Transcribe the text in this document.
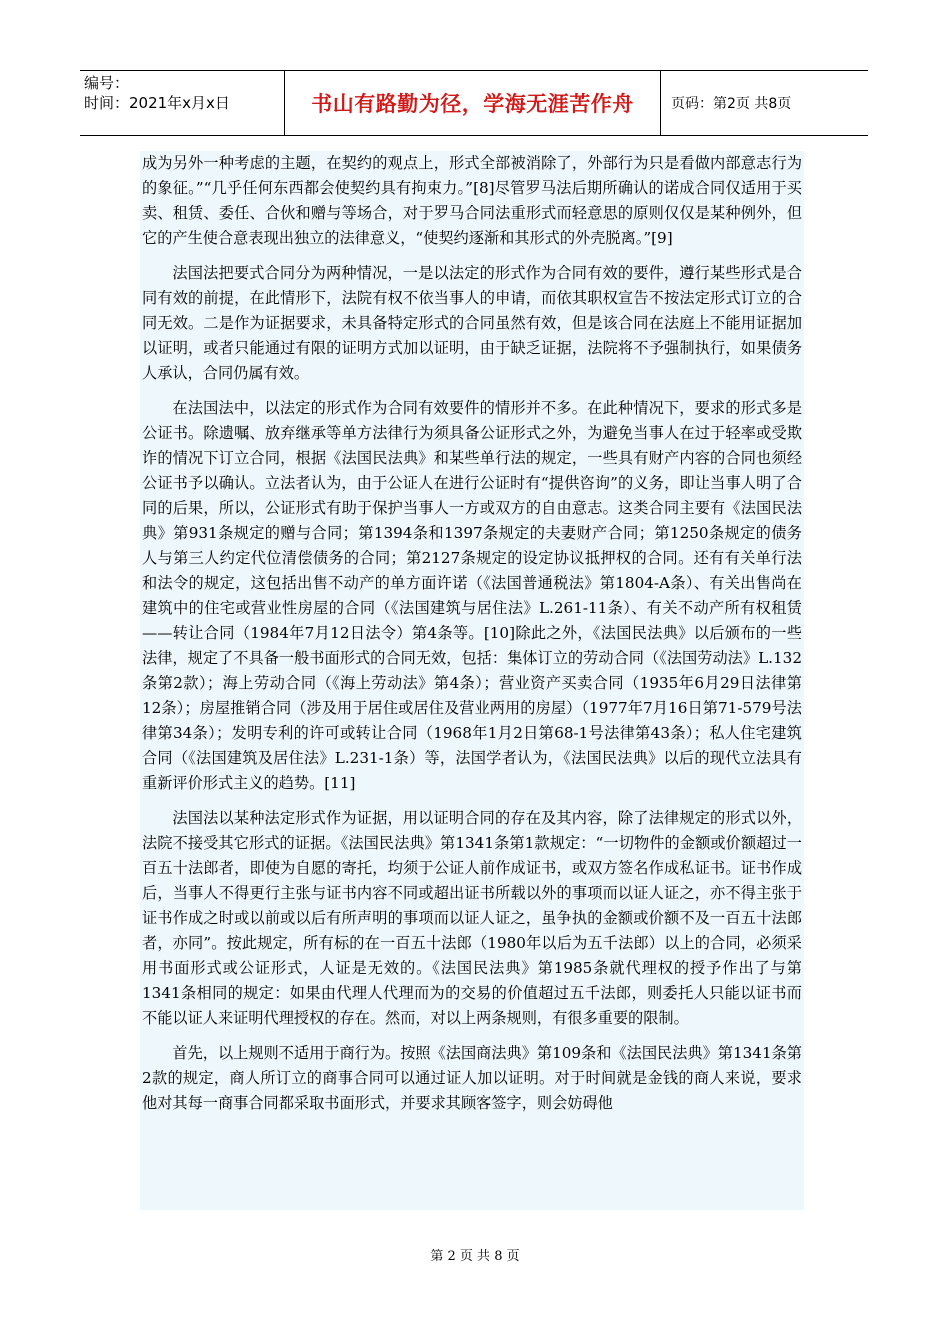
编号：
时间：2021年x月x日	书山有路勤为径，学海无涯苦作舟	页码：第2页 共8页

成为另外一种考虑的主题，在契约的观点上，形式全部被消除了，外部行为只是看做内部意志行为的象征。”“几乎任何东西都会使契约具有拘束力。”[8]尽管罗马法后期所确认的诺成合同仅适用于买卖、租赁、委任、合伙和赠与等场合，对于罗马合同法重形式而轻意思的原则仅仅是某种例外，但它的产生使合意表现出独立的法律意义，“使契约逐渐和其形式的外壳脱离。”[9]

法国法把要式合同分为两种情况，一是以法定的形式作为合同有效的要件，遵行某些形式是合同有效的前提，在此情形下，法院有权不依当事人的申请，而依其职权宣告不按法定形式订立的合同无效。二是作为证据要求，未具备特定形式的合同虽然有效，但是该合同在法庭上不能用证据加以证明，或者只能通过有限的证明方式加以证明，由于缺乏证据，法院将不予强制执行，如果债务人承认，合同仍属有效。

在法国法中，以法定的形式作为合同有效要件的情形并不多。在此种情况下，要求的形式多是公证书。除遗嘱、放弃继承等单方法律行为须具备公证形式之外，为避免当事人在过于轻率或受欺诈的情况下订立合同，根据《法国民法典》和某些单行法的规定，一些具有财产内容的合同也须经公证书予以确认。立法者认为，由于公证人在进行公证时有“提供咨询”的义务，即让当事人明了合同的后果，所以，公证形式有助于保护当事人一方或双方的自由意志。这类合同主要有《法国民法典》第931条规定的赠与合同；第1394条和1397条规定的夫妻财产合同；第1250条规定的债务人与第三人约定代位清偿债务的合同；第2127条规定的设定协议抵押权的合同。还有有关单行法和法令的规定，这包括出售不动产的单方面许诺（《法国普通税法》第1804-A条）、有关出售尚在建筑中的住宅或营业性房屋的合同（《法国建筑与居住法》L.261-11条）、有关不动产所有权租赁——转让合同（1984年7月12日法令）第4条等。[10]除此之外，《法国民法典》以后颁布的一些法律，规定了不具备一般书面形式的合同无效，包括：集体订立的劳动合同（《法国劳动法》L.132条第2款）；海上劳动合同（《海上劳动法》第4条）；营业资产买卖合同（1935年6月29日法律第12条）；房屋推销合同（涉及用于居住或居住及营业两用的房屋）（1977年7月16日第71-579号法律第34条）；发明专利的许可或转让合同（1968年1月2日第68-1号法律第43条）；私人住宅建筑合同（《法国建筑及居住法》L.231-1条）等，法国学者认为，《法国民法典》以后的现代立法具有重新评价形式主义的趋势。[11]

法国法以某种法定形式作为证据，用以证明合同的存在及其内容，除了法律规定的形式以外，法院不接受其它形式的证据。《法国民法典》第1341条第1款规定：“一切物件的金额或价额超过一百五十法郎者，即使为自愿的寄托，均须于公证人前作成证书，或双方签名作成私证书。证书作成后，当事人不得更行主张与证书内容不同或超出证书所载以外的事项而以证人证之，亦不得主张于证书作成之时或以前或以后有所声明的事项而以证人证之，虽争执的金额或价额不及一百五十法郎者，亦同”。按此规定，所有标的在一百五十法郎（1980年以后为五千法郎）以上的合同，必须采用书面形式或公证形式，人证是无效的。《法国民法典》第1985条就代理权的授予作出了与第1341条相同的规定：如果由代理人代理而为的交易的价值超过五千法郎，则委托人只能以证书而不能以证人来证明代理授权的存在。然而，对以上两条规则，有很多重要的限制。

首先，以上规则不适用于商行为。按照《法国商法典》第109条和《法国民法典》第1341条第2款的规定，商人所订立的商事合同可以通过证人加以证明。对于时间就是金钱的商人来说，要求他对其每一商事合同都采取书面形式，并要求其顾客签字，则会妨碍他

第 2 页 共 8 页
